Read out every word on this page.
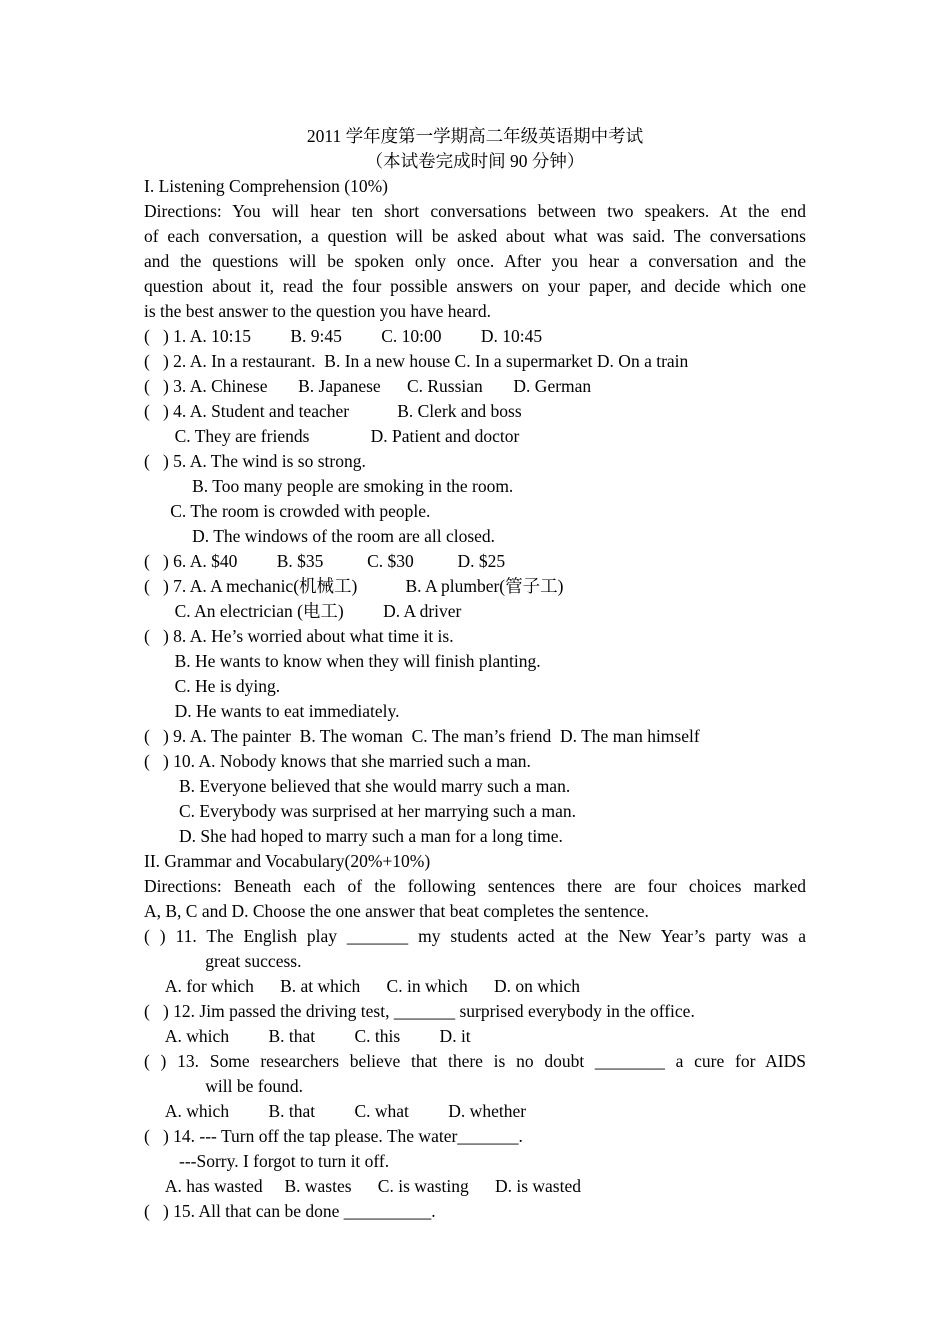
2011 学年度第一学期高二年级英语期中考试
（本试卷完成时间 90 分钟）
I. Listening Comprehension (10%)
Directions: You will hear ten short conversations between two speakers. At the end
of each conversation, a question will be asked about what was said. The conversations
and the questions will be spoken only once. After you hear a conversation and the
question about it, read the four possible answers on your paper, and decide which one
is the best answer to the question you have heard.
(   ) 1. A. 10:15         B. 9:45         C. 10:00         D. 10:45
(   ) 2. A. In a restaurant.  B. In a new house C. In a supermarket D. On a train
(   ) 3. A. Chinese       B. Japanese      C. Russian       D. German
(   ) 4. A. Student and teacher           B. Clerk and boss
C. They are friends              D. Patient and doctor
(   ) 5. A. The wind is so strong.
B. Too many people are smoking in the room.
C. The room is crowded with people.
D. The windows of the room are all closed.
(   ) 6. A. $40         B. $35          C. $30          D. $25
(   ) 7. A. A mechanic(机械工)           B. A plumber(管子工)
C. An electrician (电工)         D. A driver
(   ) 8. A. He’s worried about what time it is.
B. He wants to know when they will finish planting.
C. He is dying.
D. He wants to eat immediately.
(   ) 9. A. The painter  B. The woman  C. The man’s friend  D. The man himself
(   ) 10. A. Nobody knows that she married such a man.
B. Everyone believed that she would marry such a man.
C. Everybody was surprised at her marrying such a man.
D. She had hoped to marry such a man for a long time.
II. Grammar and Vocabulary(20%+10%)
Directions: Beneath each of the following sentences there are four choices marked
A, B, C and D. Choose the one answer that beat completes the sentence.
( ) 11. The English play _______ my students acted at the New Year’s party was a
great success.
A. for which      B. at which      C. in which      D. on which
(   ) 12. Jim passed the driving test, _______ surprised everybody in the office.
A. which         B. that         C. this         D. it
( ) 13. Some researchers believe that there is no doubt ________ a cure for AIDS
will be found.
A. which         B. that         C. what         D. whether
(   ) 14. --- Turn off the tap please. The water_______.
---Sorry. I forgot to turn it off.
A. has wasted     B. wastes      C. is wasting      D. is wasted
(   ) 15. All that can be done __________.
